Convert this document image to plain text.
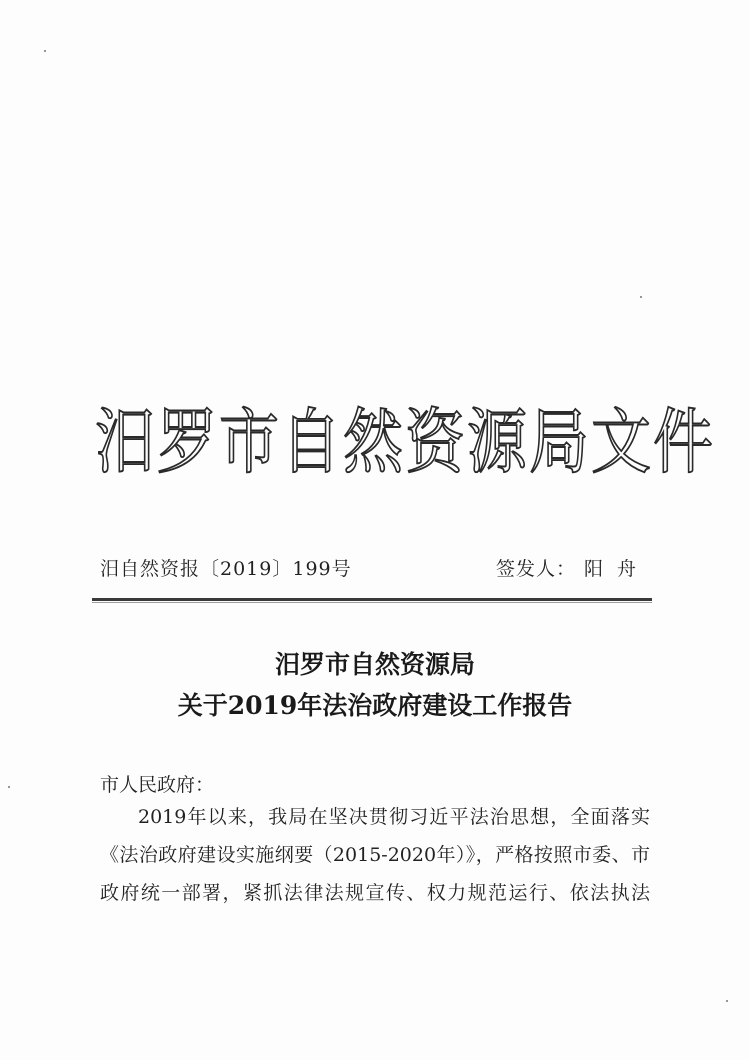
汨罗市自然资源局文件
汨自然资报〔2019〕199号	签发人： 阳舟
汨罗市自然资源局
关于2019年法治政府建设工作报告
市人民政府：
2019年以来，我局在坚决贯彻习近平法治思想，全面落实
《法治政府建设实施纲要（2015-2020年）》，严格按照市委、市
政府统一部署，紧抓法律法规宣传、权力规范运行、依法执法
